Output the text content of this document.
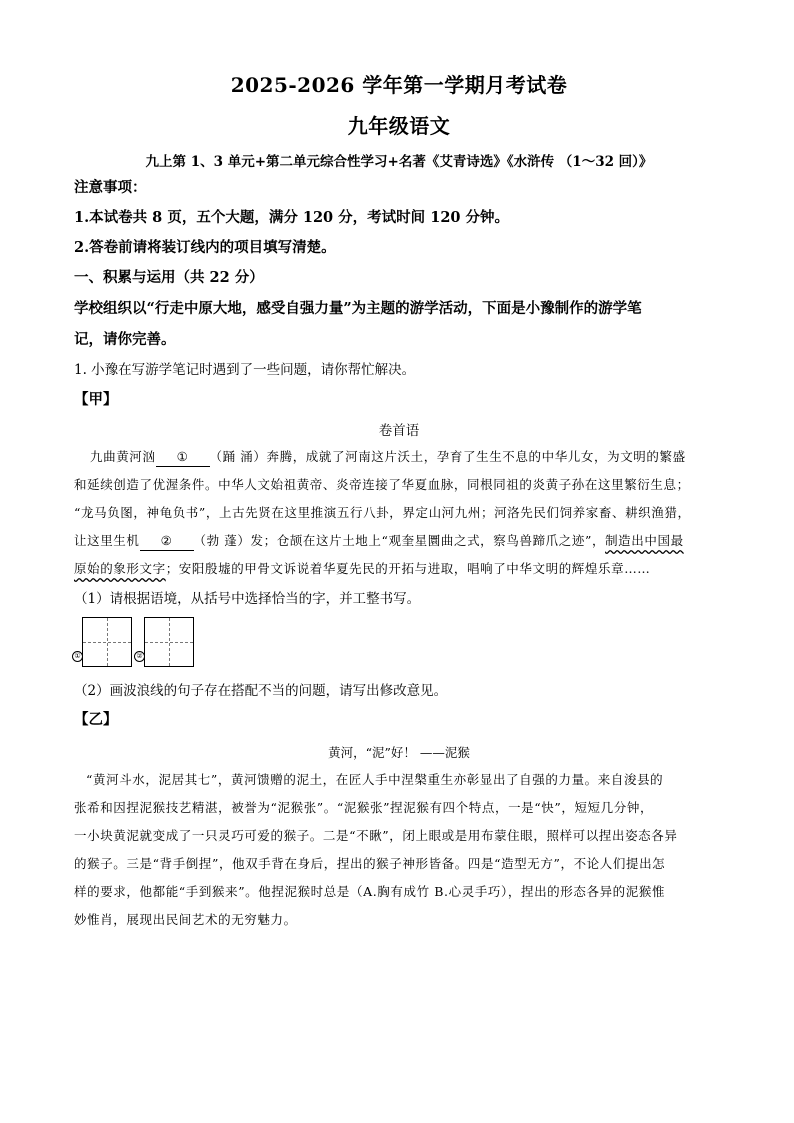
2025-2026 学年第一学期月考试卷
九年级语文
九上第 1、3 单元+第二单元综合性学习+名著《艾青诗选》《水浒传 （1～32 回）》
注意事项：
1.本试卷共 8 页，五个大题，满分 120 分，考试时间 120 分钟。
2.答卷前请将装订线内的项目填写清楚。
一、积累与运用（共 22 分）
学校组织以“行走中原大地，感受自强力量”为主题的游学活动，下面是小豫制作的游学笔
记，请你完善。
1. 小豫在写游学笔记时遇到了一些问题，请你帮忙解决。
【甲】
卷首语
九曲黄河汹 ① （踊 涌）奔腾，成就了河南这片沃土，孕育了生生不息的中华儿女，为文明的繁盛
和延续创造了优渥条件。中华人文始祖黄帝、炎帝连接了华夏血脉，同根同祖的炎黄子孙在这里繁衍生息；
“龙马负图，神龟负书”，上古先贤在这里推演五行八卦，界定山河九州；河洛先民们饲养家畜、耕织渔猎，
让这里生机 ② （勃 蓬）发；仓颉在这片土地上“观奎星圜曲之式，察鸟兽蹄爪之迹”，制造出中国最
原始的象形文字；安阳殷墟的甲骨文诉说着华夏先民的开拓与进取，唱响了中华文明的辉煌乐章……
（1）请根据语境，从括号中选择恰当的字，并工整书写。
①	②
（2）画波浪线的句子存在搭配不当的问题，请写出修改意见。
【乙】
黄河，“泥”好！ ——泥猴
“黄河斗水，泥居其七”，黄河馈赠的泥土，在匠人手中涅槃重生亦彰显出了自强的力量。来自浚县的
张希和因捏泥猴技艺精湛，被誉为“泥猴张”。“泥猴张”捏泥猴有四个特点，一是“快”，短短几分钟，
一小块黄泥就变成了一只灵巧可爱的猴子。二是“不瞅”，闭上眼或是用布蒙住眼，照样可以捏出姿态各异
的猴子。三是“背手倒捏”，他双手背在身后，捏出的猴子神形皆备。四是“造型无方”，不论人们提出怎
样的要求，他都能“手到猴来”。他捏泥猴时总是（A.胸有成竹 B.心灵手巧），捏出的形态各异的泥猴惟
妙惟肖，展现出民间艺术的无穷魅力。
